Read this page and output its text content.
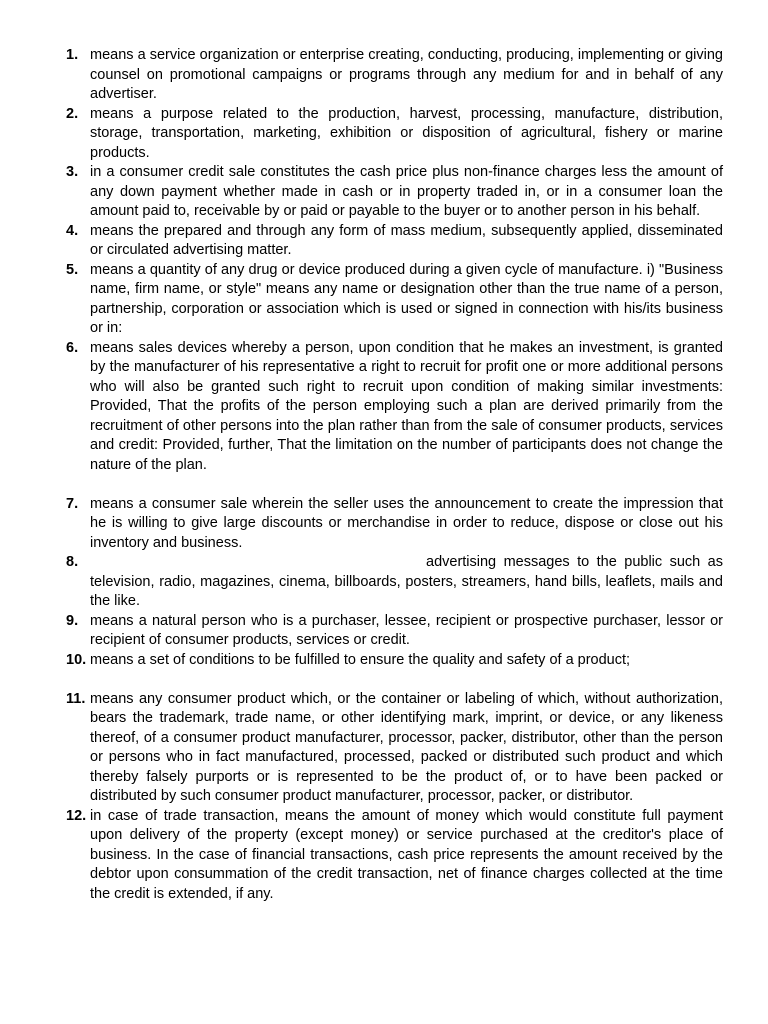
1. means a service organization or enterprise creating, conducting, producing, implementing or giving counsel on promotional campaigns or programs through any medium for and in behalf of any advertiser.
2. means a purpose related to the production, harvest, processing, manufacture, distribution, storage, transportation, marketing, exhibition or disposition of agricultural, fishery or marine products.
3. in a consumer credit sale constitutes the cash price plus non-finance charges less the amount of any down payment whether made in cash or in property traded in, or in a consumer loan the amount paid to, receivable by or paid or payable to the buyer or to another person in his behalf.
4. means the prepared and through any form of mass medium, subsequently applied, disseminated or circulated advertising matter.
5. means a quantity of any drug or device produced during a given cycle of manufacture. i) "Business name, firm name, or style" means any name or designation other than the true name of a person, partnership, corporation or association which is used or signed in connection with his/its business or in:
6. means sales devices whereby a person, upon condition that he makes an investment, is granted by the manufacturer of his representative a right to recruit for profit one or more additional persons who will also be granted such right to recruit upon condition of making similar investments: Provided, That the profits of the person employing such a plan are derived primarily from the recruitment of other persons into the plan rather than from the sale of consumer products, services and credit: Provided, further, That the limitation on the number of participants does not change the nature of the plan.
7. means a consumer sale wherein the seller uses the announcement to create the impression that he is willing to give large discounts or merchandise in order to reduce, dispose or close out his inventory and business.
8.	advertising messages to the public such as television, radio, magazines, cinema, billboards, posters, streamers, hand bills, leaflets, mails and the like.
9. means a natural person who is a purchaser, lessee, recipient or prospective purchaser, lessor or recipient of consumer products, services or credit.
10. means a set of conditions to be fulfilled to ensure the quality and safety of a product;
11. means any consumer product which, or the container or labeling of which, without authorization, bears the trademark, trade name, or other identifying mark, imprint, or device, or any likeness thereof, of a consumer product manufacturer, processor, packer, distributor, other than the person or persons who in fact manufactured, processed, packed or distributed such product and which thereby falsely purports or is represented to be the product of, or to have been packed or distributed by such consumer product manufacturer, processor, packer, or distributor.
12. in case of trade transaction, means the amount of money which would constitute full payment upon delivery of the property (except money) or service purchased at the creditor's place of business. In the case of financial transactions, cash price represents the amount received by the debtor upon consummation of the credit transaction, net of finance charges collected at the time the credit is extended, if any.
